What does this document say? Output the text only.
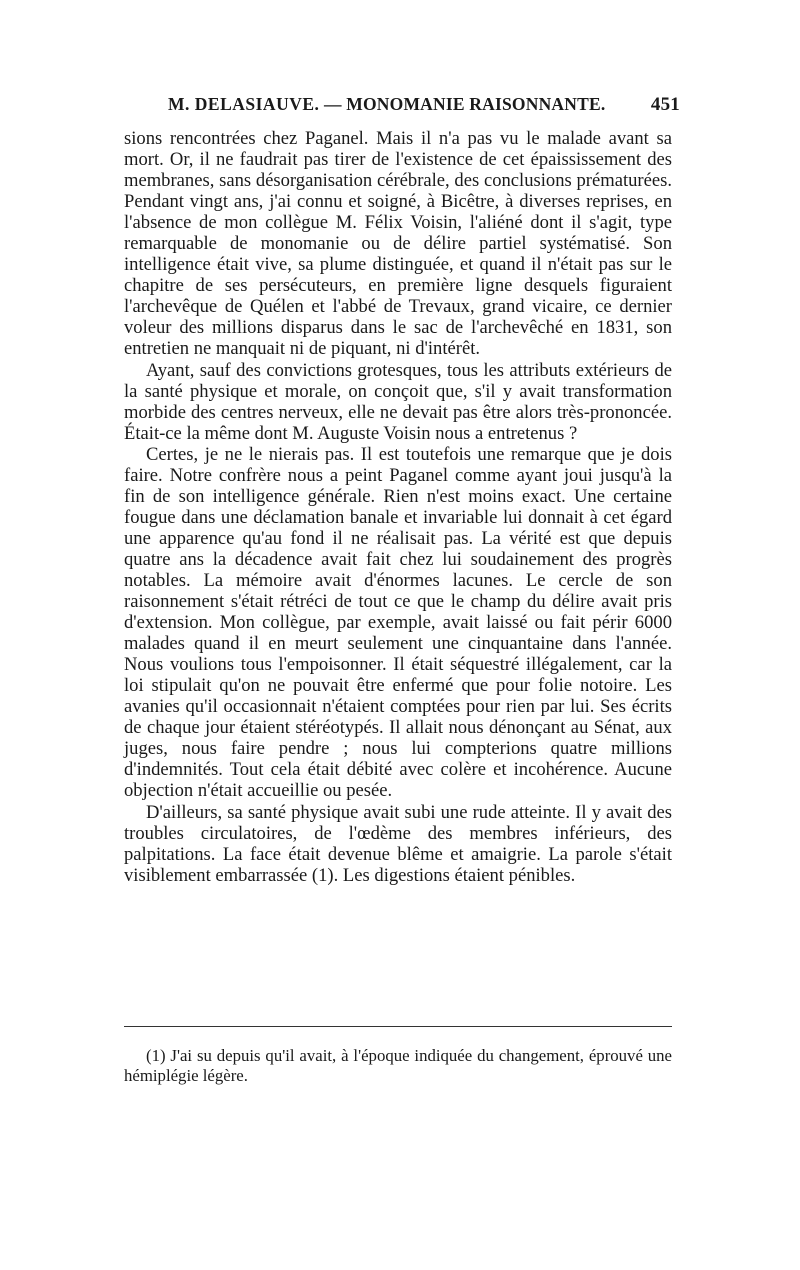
M. DELASIAUVE. — MONOMANIE RAISONNANTE. 451

sions rencontrées chez Paganel. Mais il n'a pas vu le malade avant sa mort. Or, il ne faudrait pas tirer de l'existence de cet épaississement des membranes, sans désorganisation cérébrale, des conclusions prématurées. Pendant vingt ans, j'ai connu et soigné, à Bicêtre, à diverses reprises, en l'absence de mon collègue M. Félix Voisin, l'aliéné dont il s'agit, type remarquable de monomanie ou de délire partiel systématisé. Son intelligence était vive, sa plume distinguée, et quand il n'était pas sur le chapitre de ses persécuteurs, en première ligne desquels figuraient l'archevêque de Quélen et l'abbé de Trevaux, grand vicaire, ce dernier voleur des millions disparus dans le sac de l'archevêché en 1831, son entretien ne manquait ni de piquant, ni d'intérêt.

Ayant, sauf des convictions grotesques, tous les attributs extérieurs de la santé physique et morale, on conçoit que, s'il y avait transformation morbide des centres nerveux, elle ne devait pas être alors très-prononcée. Était-ce la même dont M. Auguste Voisin nous a entretenus ?

Certes, je ne le nierais pas. Il est toutefois une remarque que je dois faire. Notre confrère nous a peint Paganel comme ayant joui jusqu'à la fin de son intelligence générale. Rien n'est moins exact. Une certaine fougue dans une déclamation banale et invariable lui donnait à cet égard une apparence qu'au fond il ne réalisait pas. La vérité est que depuis quatre ans la décadence avait fait chez lui soudainement des progrès notables. La mémoire avait d'énormes lacunes. Le cercle de son raisonnement s'était rétréci de tout ce que le champ du délire avait pris d'extension. Mon collègue, par exemple, avait laissé ou fait périr 6000 malades quand il en meurt seulement une cinquantaine dans l'année. Nous voulions tous l'empoisonner. Il était séquestré illégalement, car la loi stipulait qu'on ne pouvait être enfermé que pour folie notoire. Les avanies qu'il occasionnait n'étaient comptées pour rien par lui. Ses écrits de chaque jour étaient stéréotypés. Il allait nous dénonçant au Sénat, aux juges, nous faire pendre ; nous lui compterions quatre millions d'indemnités. Tout cela était débité avec colère et incohérence. Aucune objection n'était accueillie ou pesée.

D'ailleurs, sa santé physique avait subi une rude atteinte. Il y avait des troubles circulatoires, de l'œdème des membres inférieurs, des palpitations. La face était devenue blême et amaigrie. La parole s'était visiblement embarrassée (1). Les digestions étaient pénibles.

(1) J'ai su depuis qu'il avait, à l'époque indiquée du changement, éprouvé une hémiplégie légère.
